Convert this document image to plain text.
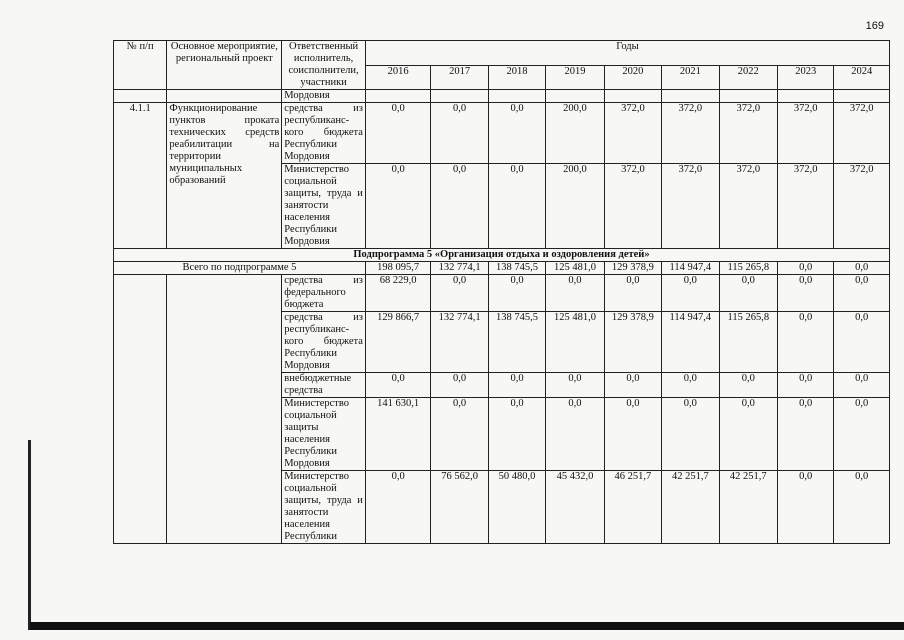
169
№ п/п	Основное мероприятие, региональный проект	Ответственный исполнитель, соисполнители, участники	Годы								
			2016	2017	2018	2019	2020	2021	2022	2023	2024
		Мордовия									
4.1.1	Функционирование пунктов проката технических средств реабилитации на территории муниципальных образований	средства из республиканс-кого бюджета Республики Мордовия	0,0	0,0	0,0	200,0	372,0	372,0	372,0	372,0	372,0
		Министерство социальной защиты, труда и занятости населения Республики Мордовия	0,0	0,0	0,0	200,0	372,0	372,0	372,0	372,0	372,0
Подпрограмма 5 «Организация отдыха и оздоровления детей»											
Всего по подпрограмме 5			198 095,7	132 774,1	138 745,5	125 481,0	129 378,9	114 947,4	115 265,8	0,0	0,0
		средства из федерального бюджета	68 229,0	0,0	0,0	0,0	0,0	0,0	0,0	0,0	0,0
		средства из республиканс-кого бюджета Республики Мордовия	129 866,7	132 774,1	138 745,5	125 481,0	129 378,9	114 947,4	115 265,8	0,0	0,0
		внебюджетные средства	0,0	0,0	0,0	0,0	0,0	0,0	0,0	0,0	0,0
		Министерство социальной защиты населения Республики Мордовия	141 630,1	0,0	0,0	0,0	0,0	0,0	0,0	0,0	0,0
		Министерство социальной защиты, труда и занятости населения Республики	0,0	76 562,0	50 480,0	45 432,0	46 251,7	42 251,7	42 251,7	0,0	0,0
